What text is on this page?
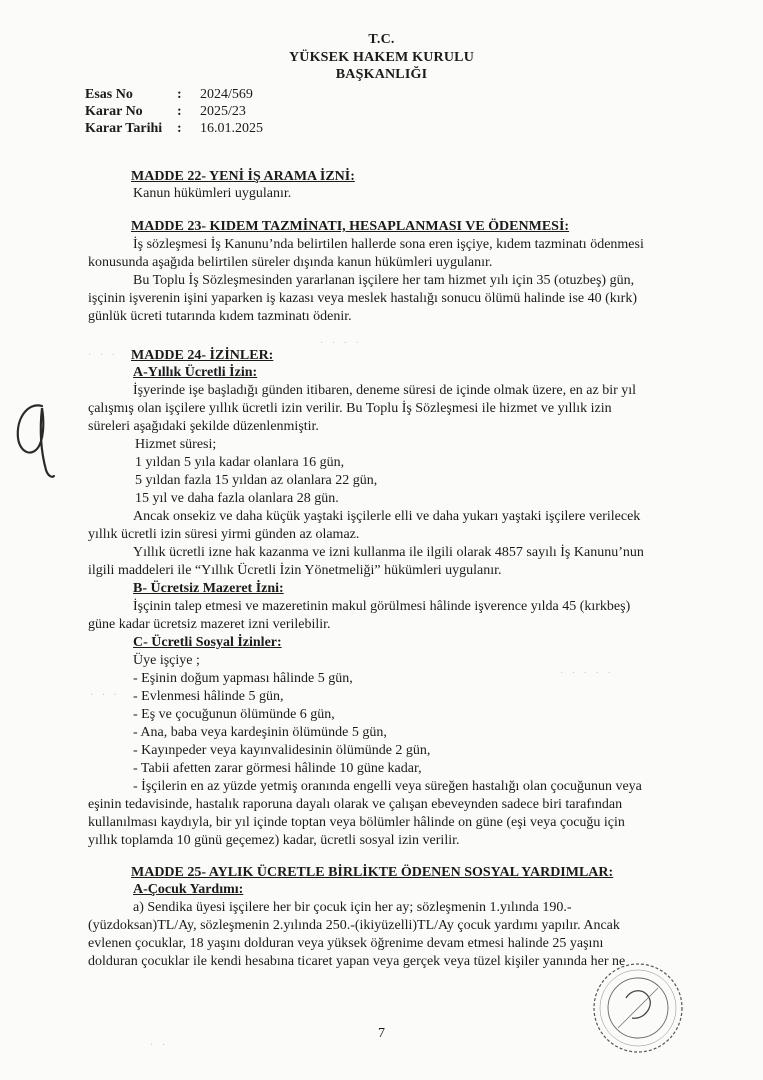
T.C.
YÜKSEK HAKEM KURULU
BAŞKANLIĞI
Esas No	:	2024/569
Karar No	:	2025/23
Karar Tarihi	:	16.01.2025
MADDE 22- YENİ İŞ ARAMA İZNİ:
Kanun hükümleri uygulanır.
MADDE 23- KIDEM TAZMİNATI, HESAPLANMASI VE ÖDENMESİ:
İş sözleşmesi İş Kanunu’nda belirtilen hallerde sona eren işçiye, kıdem tazminatı ödenmesi
konusunda aşağıda belirtilen süreler dışında kanun hükümleri uygulanır.
Bu Toplu İş Sözleşmesinden yararlanan işçilere her tam hizmet yılı için 35 (otuzbeş) gün,
işçinin işverenin işini yaparken iş kazası veya meslek hastalığı sonucu ölümü halinde ise 40 (kırk)
günlük ücreti tutarında kıdem tazminatı ödenir.
MADDE 24- İZİNLER:
A-Yıllık Ücretli İzin:
İşyerinde işe başladığı günden itibaren, deneme süresi de içinde olmak üzere, en az bir yıl
çalışmış olan işçilere yıllık ücretli izin verilir. Bu Toplu İş Sözleşmesi ile hizmet ve yıllık izin
süreleri aşağıdaki şekilde düzenlenmiştir.
Hizmet süresi;
1 yıldan 5 yıla kadar olanlara 16 gün,
5 yıldan fazla 15 yıldan az olanlara 22 gün,
15 yıl ve daha fazla olanlara 28 gün.
Ancak onsekiz ve daha küçük yaştaki işçilerle elli ve daha yukarı yaştaki işçilere verilecek
yıllık ücretli izin süresi yirmi günden az olamaz.
Yıllık ücretli izne hak kazanma ve izni kullanma ile ilgili olarak 4857 sayılı İş Kanunu’nun
ilgili maddeleri ile “Yıllık Ücretli İzin Yönetmeliği” hükümleri uygulanır.
B- Ücretsiz Mazeret İzni:
İşçinin talep etmesi ve mazeretinin makul görülmesi hâlinde işverence yılda 45 (kırkbeş)
güne kadar ücretsiz mazeret izni verilebilir.
C- Ücretli Sosyal İzinler:
Üye işçiye ;
- Eşinin doğum yapması hâlinde 5 gün,
- Evlenmesi hâlinde 5 gün,
- Eş ve çocuğunun ölümünde 6 gün,
- Ana, baba veya kardeşinin ölümünde 5 gün,
- Kayınpeder veya kayınvalidesinin ölümünde 2 gün,
- Tabii afetten zarar görmesi hâlinde 10 güne kadar,
- İşçilerin en az yüzde yetmiş oranında engelli veya süreğen hastalığı olan çocuğunun veya
eşinin tedavisinde, hastalık raporuna dayalı olarak ve çalışan ebeveynden sadece biri tarafından
kullanılması kaydıyla, bir yıl içinde toptan veya bölümler hâlinde on güne (eşi veya çocuğu için
yıllık toplamda 10 günü geçemez) kadar, ücretli sosyal izin verilir.
MADDE 25- AYLIK ÜCRETLE BİRLİKTE ÖDENEN SOSYAL YARDIMLAR:
A-Çocuk Yardımı:
a) Sendika üyesi işçilere her bir çocuk için her ay; sözleşmenin 1.yılında 190.-
(yüzdoksan)TL/Ay, sözleşmenin 2.yılında 250.-(ikiyüzelli)TL/Ay çocuk yardımı yapılır. Ancak
evlenen çocuklar, 18 yaşını dolduran veya yüksek öğrenime devam etmesi halinde 25 yaşını
dolduran çocuklar ile kendi hesabına ticaret yapan veya gerçek veya tüzel kişiler yanında her ne
7
· · ·
· · · ·
· · · · ·
· · ·
· ·
